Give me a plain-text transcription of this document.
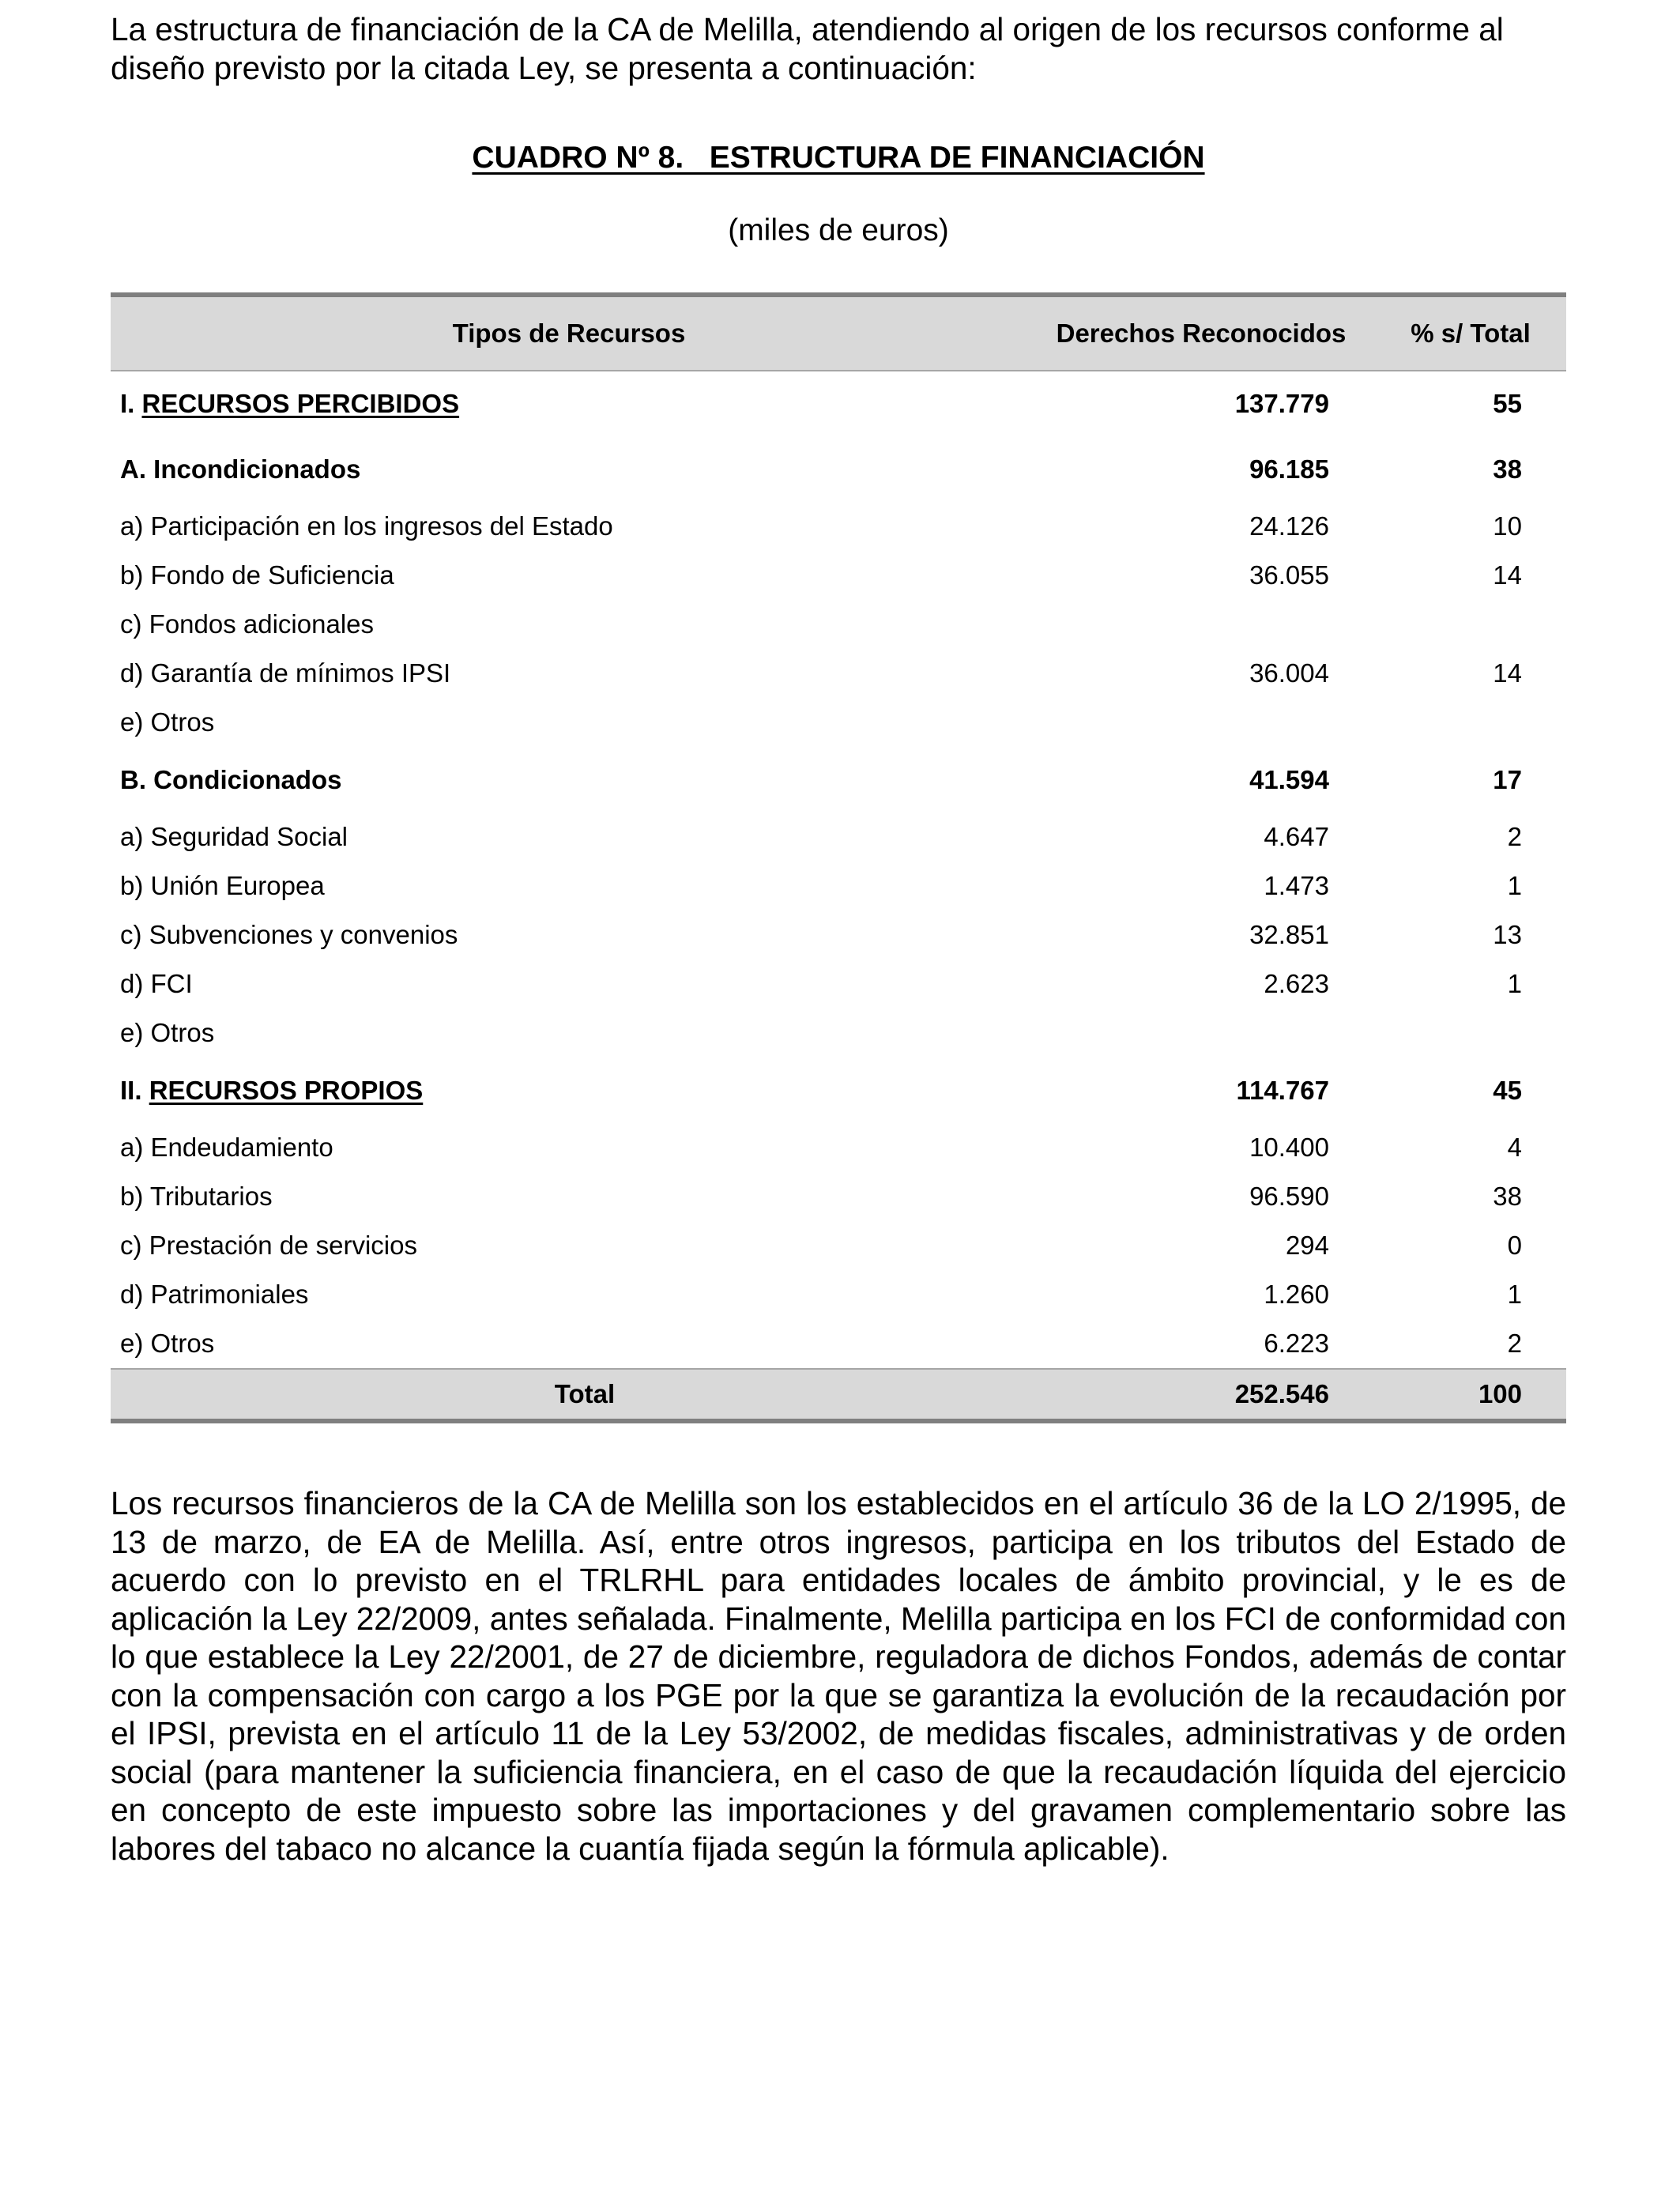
La estructura de financiación de la CA de Melilla, atendiendo al origen de los recursos conforme al diseño previsto por la citada Ley, se presenta a continuación:

CUADRO Nº 8.   ESTRUCTURA DE FINANCIACIÓN
(miles de euros)
Tipos de Recursos	Derechos Reconocidos	% s/ Total
I. RECURSOS PERCIBIDOS	137.779	55
A. Incondicionados	96.185	38
a) Participación en los ingresos del Estado	24.126	10
b) Fondo de Suficiencia	36.055	14
c) Fondos adicionales		
d) Garantía de mínimos IPSI	36.004	14
e) Otros		
B. Condicionados	41.594	17
a) Seguridad Social	4.647	2
b) Unión Europea	1.473	1
c) Subvenciones y convenios	32.851	13
d) FCI	2.623	1
e) Otros		
II. RECURSOS PROPIOS	114.767	45
a) Endeudamiento	10.400	4
b) Tributarios	96.590	38
c) Prestación de servicios	294	0
d) Patrimoniales	1.260	1
e) Otros	6.223	2
Total	252.546	100

Los recursos financieros de la CA de Melilla son los establecidos en el artículo 36 de la LO 2/1995, de 13 de marzo, de EA de Melilla. Así, entre otros ingresos, participa en los tributos del Estado de acuerdo con lo previsto en el TRLRHL para entidades locales de ámbito provincial, y le es de aplicación la Ley 22/2009, antes señalada. Finalmente, Melilla participa en los FCI de conformidad con lo que establece la Ley 22/2001, de 27 de diciembre, reguladora de dichos Fondos, además de contar con la compensación con cargo a los PGE por la que se garantiza la evolución de la recaudación por el IPSI, prevista en el artículo 11 de la Ley 53/2002, de medidas fiscales, administrativas y de orden social (para mantener la suficiencia financiera, en el caso de que la recaudación líquida del ejercicio en concepto de este impuesto sobre las importaciones y del gravamen complementario sobre las labores del tabaco no alcance la cuantía fijada según la fórmula aplicable).
